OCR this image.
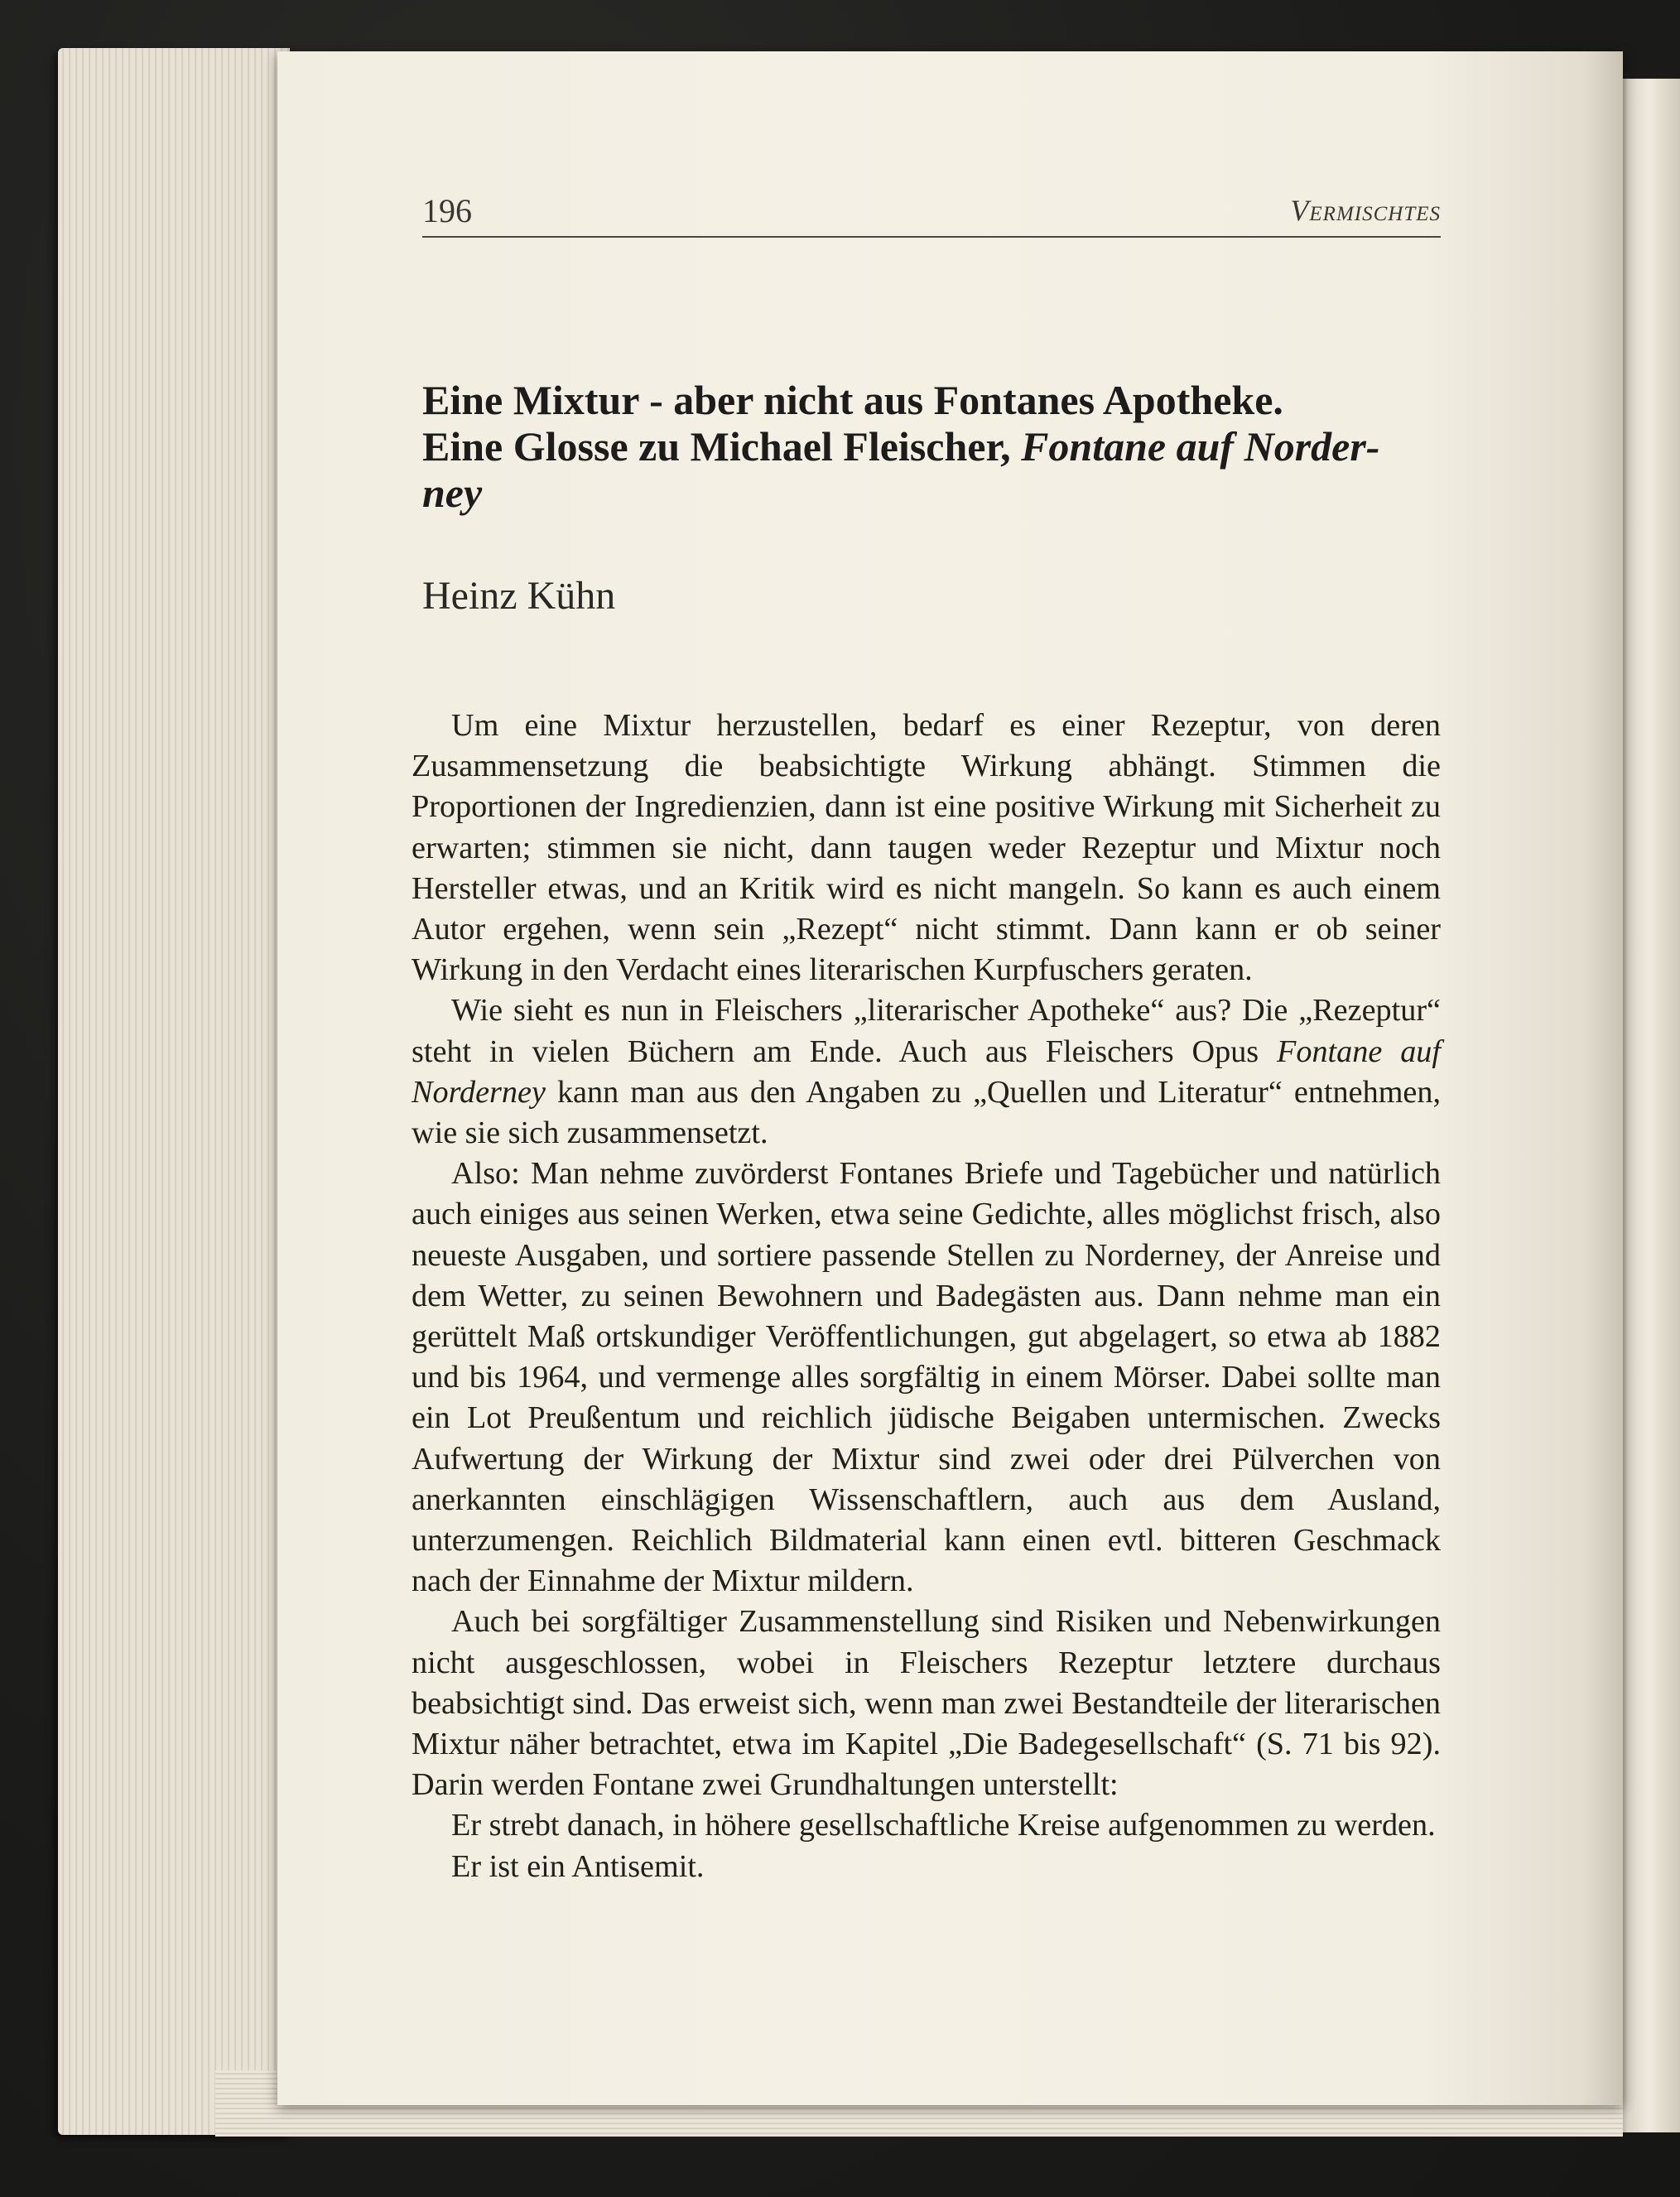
196	Vermischtes
Eine Mixtur - aber nicht aus Fontanes Apotheke.
Eine Glosse zu Michael Fleischer, Fontane auf Norder-
ney
Heinz Kühn

Um eine Mixtur herzustellen, bedarf es einer Rezeptur, von deren Zusammensetzung die beabsichtigte Wirkung abhängt. Stimmen die Proportionen der Ingredienzien, dann ist eine positive Wirkung mit Sicherheit zu erwarten; stimmen sie nicht, dann taugen weder Rezeptur und Mixtur noch Hersteller etwas, und an Kritik wird es nicht mangeln. So kann es auch einem Autor ergehen, wenn sein „Rezept“ nicht stimmt. Dann kann er ob seiner Wirkung in den Verdacht eines literarischen Kurpfuschers geraten.

Wie sieht es nun in Fleischers „literarischer Apotheke“ aus? Die „Rezeptur“ steht in vielen Büchern am Ende. Auch aus Fleischers Opus Fontane auf Norderney kann man aus den Angaben zu „Quellen und Literatur“ entnehmen, wie sie sich zusammensetzt.

Also: Man nehme zuvörderst Fontanes Briefe und Tagebücher und natürlich auch einiges aus seinen Werken, etwa seine Gedichte, alles möglichst frisch, also neueste Ausgaben, und sortiere passende Stellen zu Norderney, der Anreise und dem Wetter, zu seinen Bewohnern und Badegästen aus. Dann nehme man ein gerüttelt Maß ortskundiger Veröffentlichungen, gut abgelagert, so etwa ab 1882 und bis 1964, und vermenge alles sorgfältig in einem Mörser. Dabei sollte man ein Lot Preußentum und reichlich jüdische Beigaben untermischen. Zwecks Aufwertung der Wirkung der Mixtur sind zwei oder drei Pülverchen von anerkannten einschlägigen Wissenschaftlern, auch aus dem Ausland, unterzumengen. Reichlich Bildmaterial kann einen evtl. bitteren Geschmack nach der Einnahme der Mixtur mildern.

Auch bei sorgfältiger Zusammenstellung sind Risiken und Nebenwirkungen nicht ausgeschlossen, wobei in Fleischers Rezeptur letztere durchaus beabsichtigt sind. Das erweist sich, wenn man zwei Bestandteile der literarischen Mixtur näher betrachtet, etwa im Kapitel „Die Badegesellschaft“ (S. 71 bis 92). Darin werden Fontane zwei Grundhaltungen unterstellt:

Er strebt danach, in höhere gesellschaftliche Kreise aufgenommen zu werden.

Er ist ein Antisemit.
